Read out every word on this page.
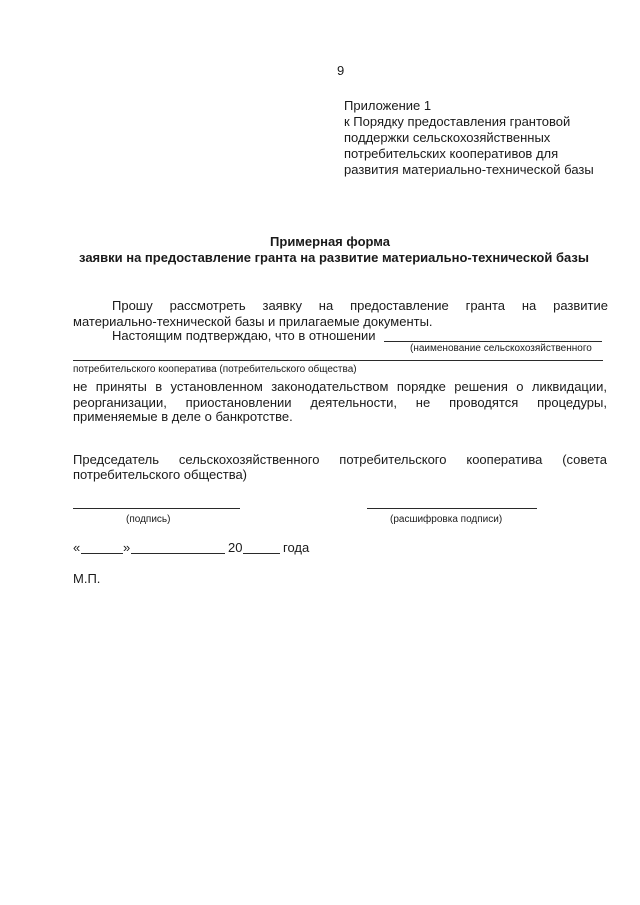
9
Приложение 1
к Порядку предоставления грантовой
поддержки сельскохозяйственных
потребительских кооперативов для
развития материально-технической базы
Примерная форма
заявки на предоставление гранта на развитие материально-технической базы
Прошу рассмотреть заявку на предоставление гранта на развитие
материально-технической базы и прилагаемые документы.
Настоящим подтверждаю, что в отношении
(наименование сельскохозяйственного
потребительского кооператива (потребительского общества)
не приняты в установленном законодательством порядке решения о ликвидации,
реорганизации, приостановлении деятельности, не проводятся процедуры,
применяемые в деле о банкротстве.
Председатель сельскохозяйственного потребительского кооператива (совета
потребительского общества)
(подпись)	(расшифровка подписи)
«	»	20	года
М.П.
